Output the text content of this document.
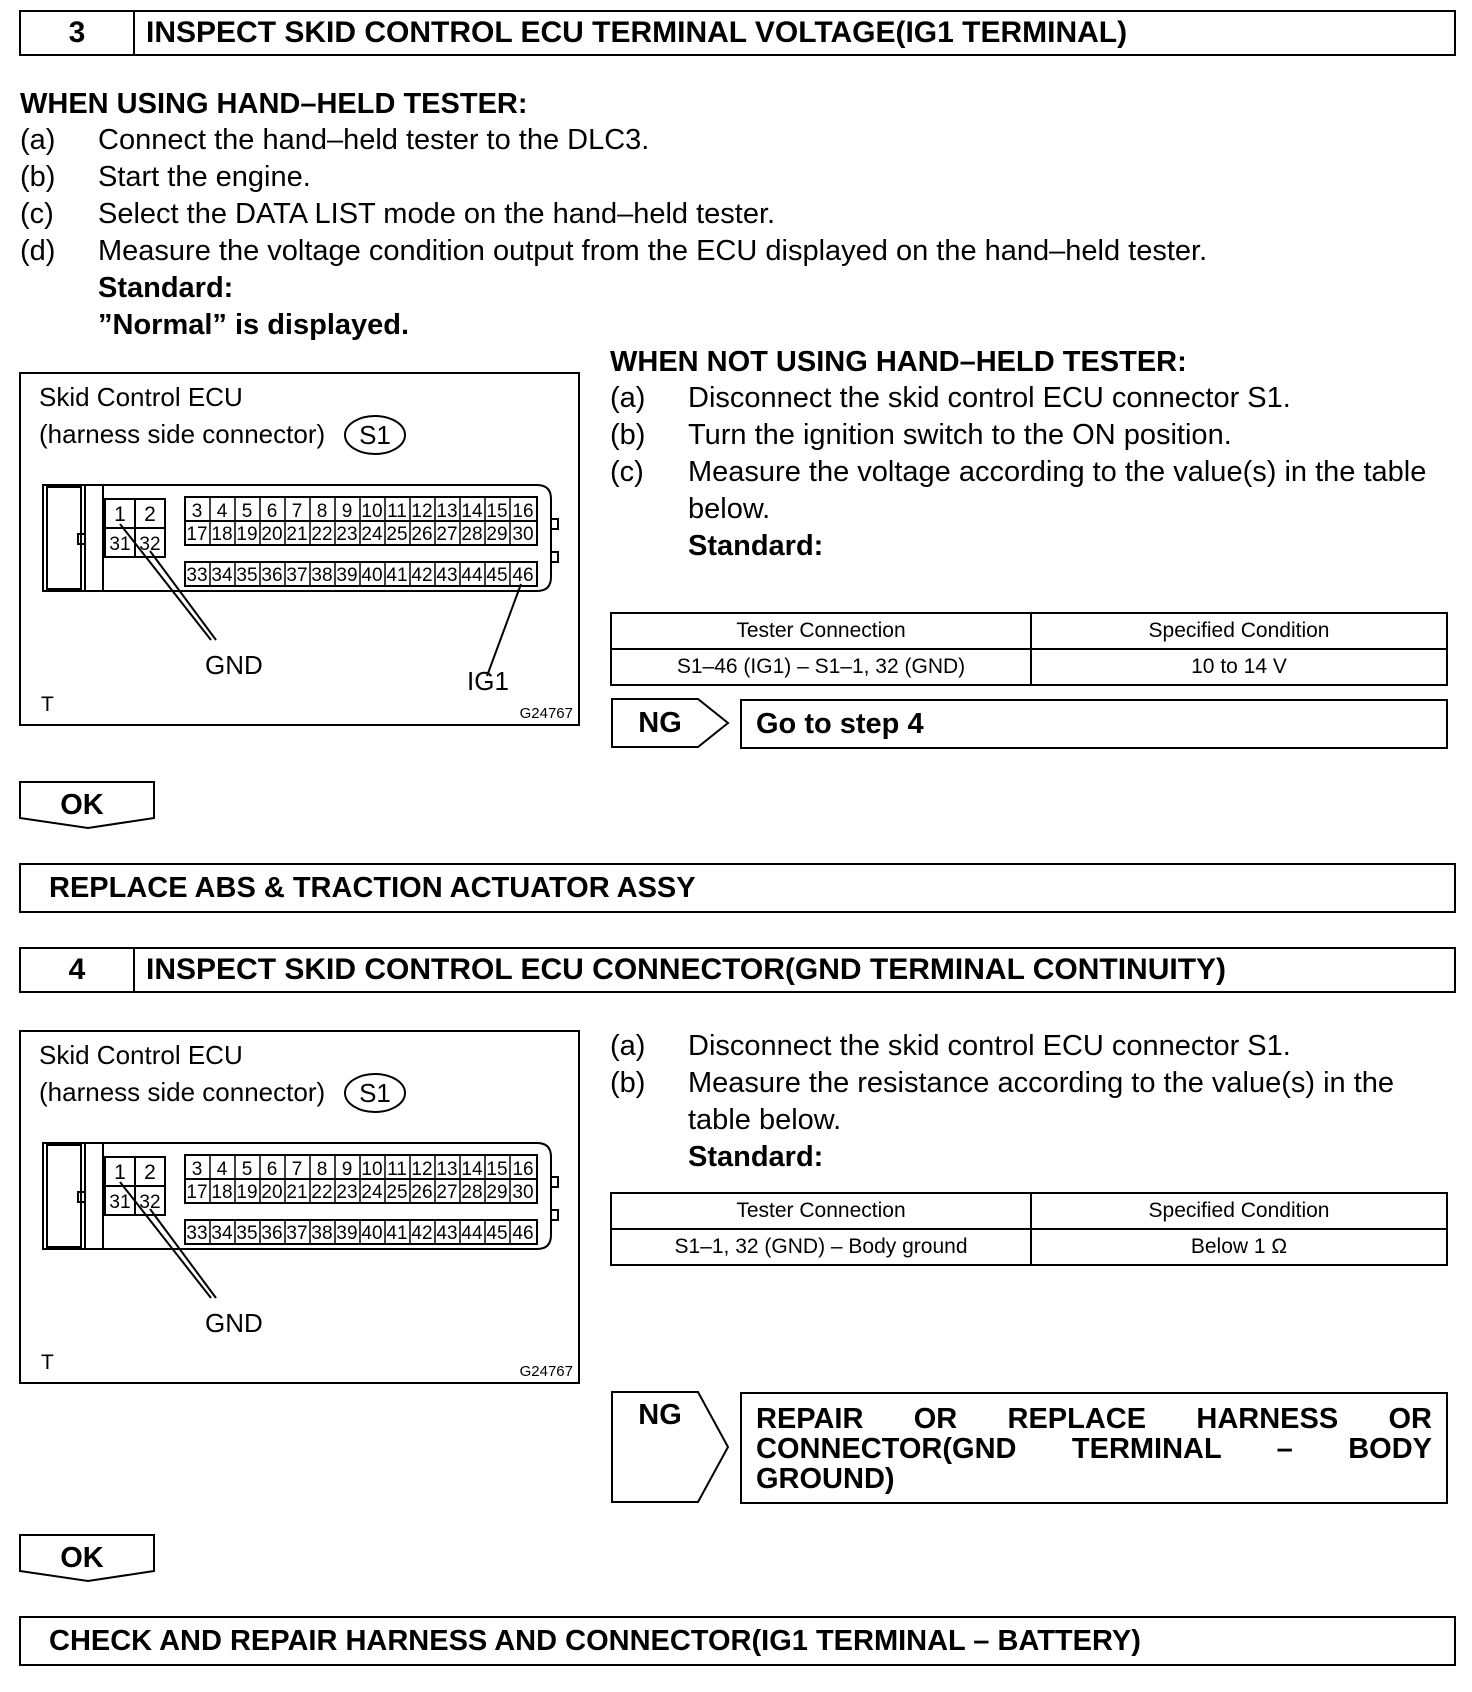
3	INSPECT SKID CONTROL ECU TERMINAL VOLTAGE(IG1 TERMINAL)
WHEN USING HAND–HELD TESTER:
(a) Connect the hand–held tester to the DLC3.
(b) Start the engine.
(c) Select the DATA LIST mode on the hand–held tester.
(d) Measure the voltage condition output from the ECU displayed on the hand–held tester.
Standard:
”Normal” is displayed.
Skid Control ECU
(harness side connector) S1
1 2
31 32
3 4 5 6 7 8 9 10 11 12 13 14 15 16
17 18 19 20 21 22 23 24 25 26 27 28 29 30
33 34 35 36 37 38 39 40 41 42 43 44 45 46
GND
IG1
T	G24767
WHEN NOT USING HAND–HELD TESTER:
(a) Disconnect the skid control ECU connector S1.
(b) Turn the ignition switch to the ON position.
(c) Measure the voltage according to the value(s) in the table
below.
Standard:
Tester Connection	Specified Condition
S1–46 (IG1) – S1–1, 32 (GND)	10 to 14 V
NG	Go to step 4
OK
REPLACE ABS & TRACTION ACTUATOR ASSY
4	INSPECT SKID CONTROL ECU CONNECTOR(GND TERMINAL CONTINUITY)
Skid Control ECU
(harness side connector) S1
1 2
31 32
3 4 5 6 7 8 9 10 11 12 13 14 15 16
17 18 19 20 21 22 23 24 25 26 27 28 29 30
33 34 35 36 37 38 39 40 41 42 43 44 45 46
GND
T	G24767
(a) Disconnect the skid control ECU connector S1.
(b) Measure the resistance according to the value(s) in the
table below.
Standard:
Tester Connection	Specified Condition
S1–1, 32 (GND) – Body ground	Below 1 Ω
NG	REPAIR OR REPLACE HARNESS OR
CONNECTOR(GND TERMINAL – BODY
GROUND)
OK
CHECK AND REPAIR HARNESS AND CONNECTOR(IG1 TERMINAL – BATTERY)
